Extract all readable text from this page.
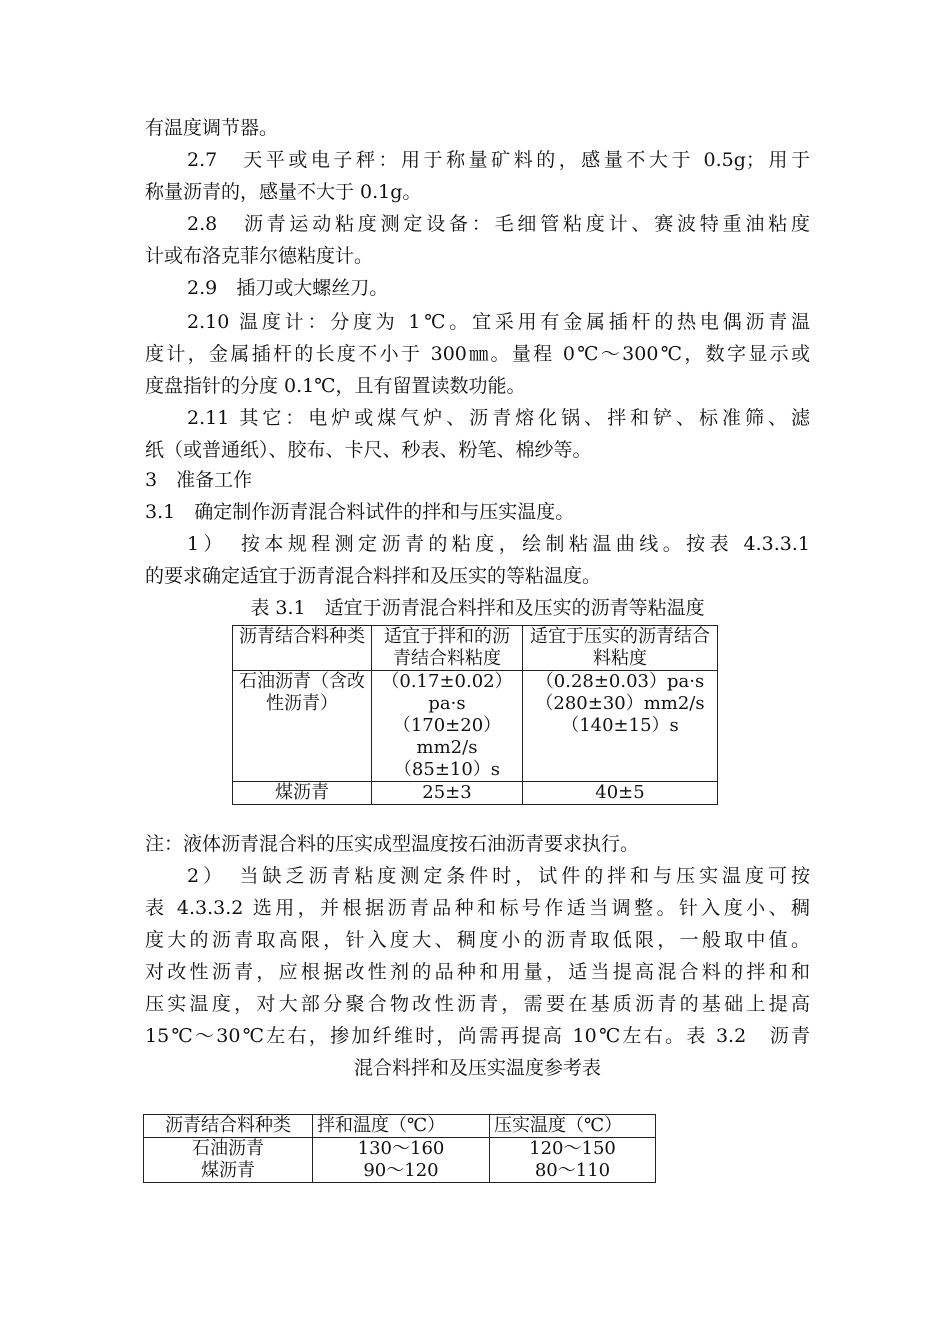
有温度调节器。
2.7　天平或电子秤：用于称量矿料的，感量不大于 0.5g；用于
称量沥青的，感量不大于 0.1g。
2.8　沥青运动粘度测定设备：毛细管粘度计、赛波特重油粘度
计或布洛克菲尔德粘度计。
2.9　插刀或大螺丝刀。
2.10 温度计：分度为 1℃。宜采用有金属插杆的热电偶沥青温
度计，金属插杆的长度不小于 300㎜。量程 0℃～300℃，数字显示或
度盘指针的分度 0.1℃，且有留置读数功能。
2.11 其它：电炉或煤气炉、沥青熔化锅、拌和铲、标准筛、滤
纸（或普通纸）、胶布、卡尺、秒表、粉笔、棉纱等。
3　准备工作
3.1　确定制作沥青混合料试件的拌和与压实温度。
1）　按本规程测定沥青的粘度，绘制粘温曲线。按表 4.3.3.1
的要求确定适宜于沥青混合料拌和及压实的等粘温度。
表 3.1　适宜于沥青混合料拌和及压实的沥青等粘温度
沥青结合料种类	适宜于拌和的沥青结合料粘度	适宜于压实的沥青结合料粘度
石油沥青（含改性沥青）	（0.17±0.02）pa·s （170±20）mm2/s （85±10）s	（0.28±0.03）pa·s （280±30）mm2/s （140±15）s
煤沥青	25±3	40±5
注：液体沥青混合料的压实成型温度按石油沥青要求执行。
2）　当缺乏沥青粘度测定条件时，试件的拌和与压实温度可按
表 4.3.3.2 选用，并根据沥青品种和标号作适当调整。针入度小、稠
度大的沥青取高限，针入度大、稠度小的沥青取低限，一般取中值。
对改性沥青，应根据改性剂的品种和用量，适当提高混合料的拌和和
压实温度，对大部分聚合物改性沥青，需要在基质沥青的基础上提高
15℃～30℃左右，掺加纤维时，尚需再提高 10℃左右。表 3.2　沥青
混合料拌和及压实温度参考表
沥青结合料种类	拌和温度（℃）	压实温度（℃）
石油沥青	130～160	120～150
煤沥青	90～120	80～110
